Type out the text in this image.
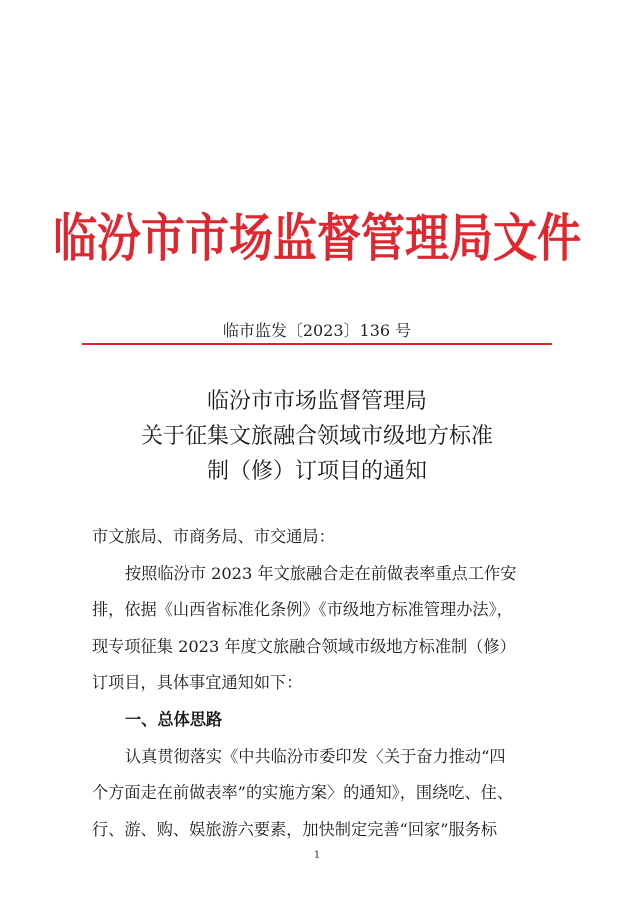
临汾市市场监督管理局文件
临市监发〔2023〕136 号
临汾市市场监督管理局
关于征集文旅融合领域市级地方标准
制（修）订项目的通知
市文旅局、市商务局、市交通局：
按照临汾市 2023 年文旅融合走在前做表率重点工作安
排，依据《山西省标准化条例》《市级地方标准管理办法》，
现专项征集 2023 年度文旅融合领域市级地方标准制（修）
订项目，具体事宜通知如下：
一、总体思路
认真贯彻落实《中共临汾市委印发〈关于奋力推动“四
个方面走在前做表率”的实施方案〉的通知》，围绕吃、住、
行、游、购、娱旅游六要素，加快制定完善“回家”服务标
1
